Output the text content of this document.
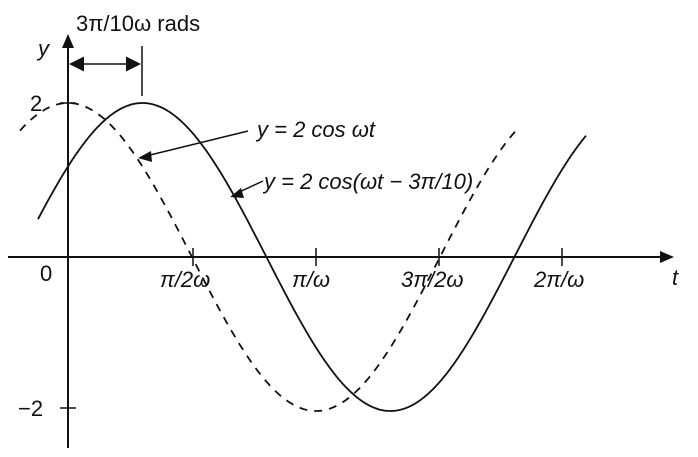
y
t
0
2
−2
π/2ω	π/ω	3π/2ω	2π/ω
3π/10ω rads
y = 2 cos ωt
y = 2 cos(ωt − 3π/10)
